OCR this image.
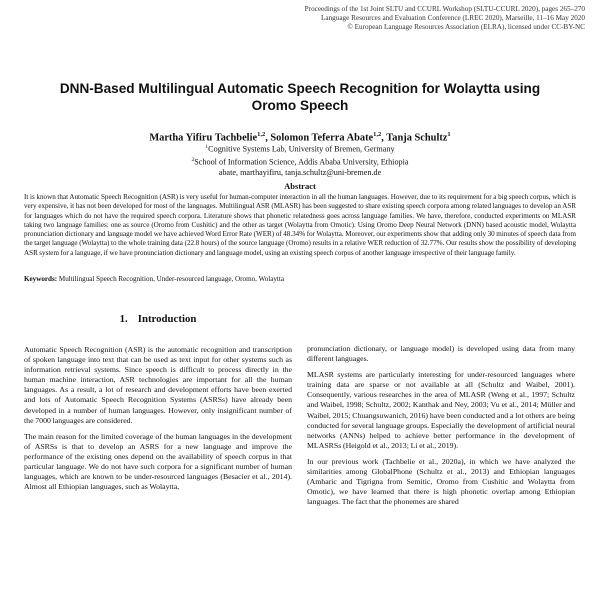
Proceedings of the 1st Joint SLTU and CCURL Workshop (SLTU-CCURL 2020), pages 265–270
Language Resources and Evaluation Conference (LREC 2020), Marseille, 11–16 May 2020
© European Language Resources Association (ELRA), licensed under CC-BY-NC
DNN-Based Multilingual Automatic Speech Recognition for Wolaytta using
Oromo Speech
Martha Yifiru Tachbelie$^{1,2}$, Solomon Teferra Abate$^{1,2}$, Tanja Schultz$^1$
$^1$Cognitive Systems Lab, University of Bremen, Germany
$^2$School of Information Science, Addis Ababa University, Ethiopia
abate, marthayifiru, tanja.schultz@uni-bremen.de
Abstract
It is known that Automatic Speech Recognition (ASR) is very useful for human-computer interaction in all the human languages. However, due to its requirement for a big speech corpus, which is very expensive, it has not been developed for most of the languages. Multilingual ASR (MLASR) has been suggested to share existing speech corpora among related languages to develop an ASR for languages which do not have the required speech corpora. Literature shows that phonetic relatedness goes across language families. We have, therefore, conducted experiments on MLASR taking two language families: one as source (Oromo from Cushitic) and the other as target (Wolaytta from Omotic). Using Oromo Deep Neural Network (DNN) based acoustic model, Wolaytta pronunciation dictionary and language model we have achieved Word Error Rate (WER) of 48.34% for Wolaytta. Moreover, our experiments show that adding only 30 minutes of speech data from the target language (Wolaytta) to the whole training data (22.8 hours) of the source language (Oromo) results in a relative WER reduction of 32.77%. Our results show the possibility of developing ASR system for a language, if we have pronunciation dictionary and language model, using an existing speech corpus of another language irrespective of their language family.
Keywords: Multilingual Speech Recognition, Under-resourced language, Oromo, Wolaytta
1. Introduction

Automatic Speech Recognition (ASR) is the automatic recognition and transcription of spoken language into text that can be used as text input for other systems such as information retrieval systems. Since speech is difficult to process directly in the human machine interaction, ASR technologies are important for all the human languages. As a result, a lot of research and development efforts have been exerted and lots of Automatic Speech Recognition Systems (ASRSs) have already been developed in a number of human languages. However, only insignificant number of the 7000 languages are considered.

The main reason for the limited coverage of the human languages in the development of ASRSs is that to develop an ASRS for a new language and improve the performance of the existing ones depend on the availability of speech corpus in that particular language. We do not have such corpora for a significant number of human languages, which are known to be under-resourced languages (Besacier et al., 2014). Almost all Ethiopian languages, such as Wolaytta,

pronunciation dictionary, or language model) is developed using data from many different languages.

MLASR systems are particularly interesting for under-resourced languages where training data are sparse or not available at all (Schultz and Waibel, 2001). Consequently, various researches in the area of MLASR (Weng et al., 1997; Schultz and Waibel, 1998; Schultz, 2002; Kanthak and Ney, 2003; Vu et al., 2014; Müller and Waibel, 2015; Chuangsuwanich, 2016) have been conducted and a lot others are being conducted for several language groups. Especially the development of artificial neural networks (ANNs) helped to achieve better performance in the development of MLASRSs (Heigold et al., 2013; Li et al., 2019).

In our previous work (Tachbelie et al., 2020a), in which we have analyzed the similarities among GlobalPhone (Schultz et al., 2013) and Ethiopian languages (Amharic and Tigrigna from Semitic, Oromo from Cushitic and Wolaytta from Omotic), we have learned that there is high phonetic overlap among Ethiopian languages. The fact that the phonemes are shared
